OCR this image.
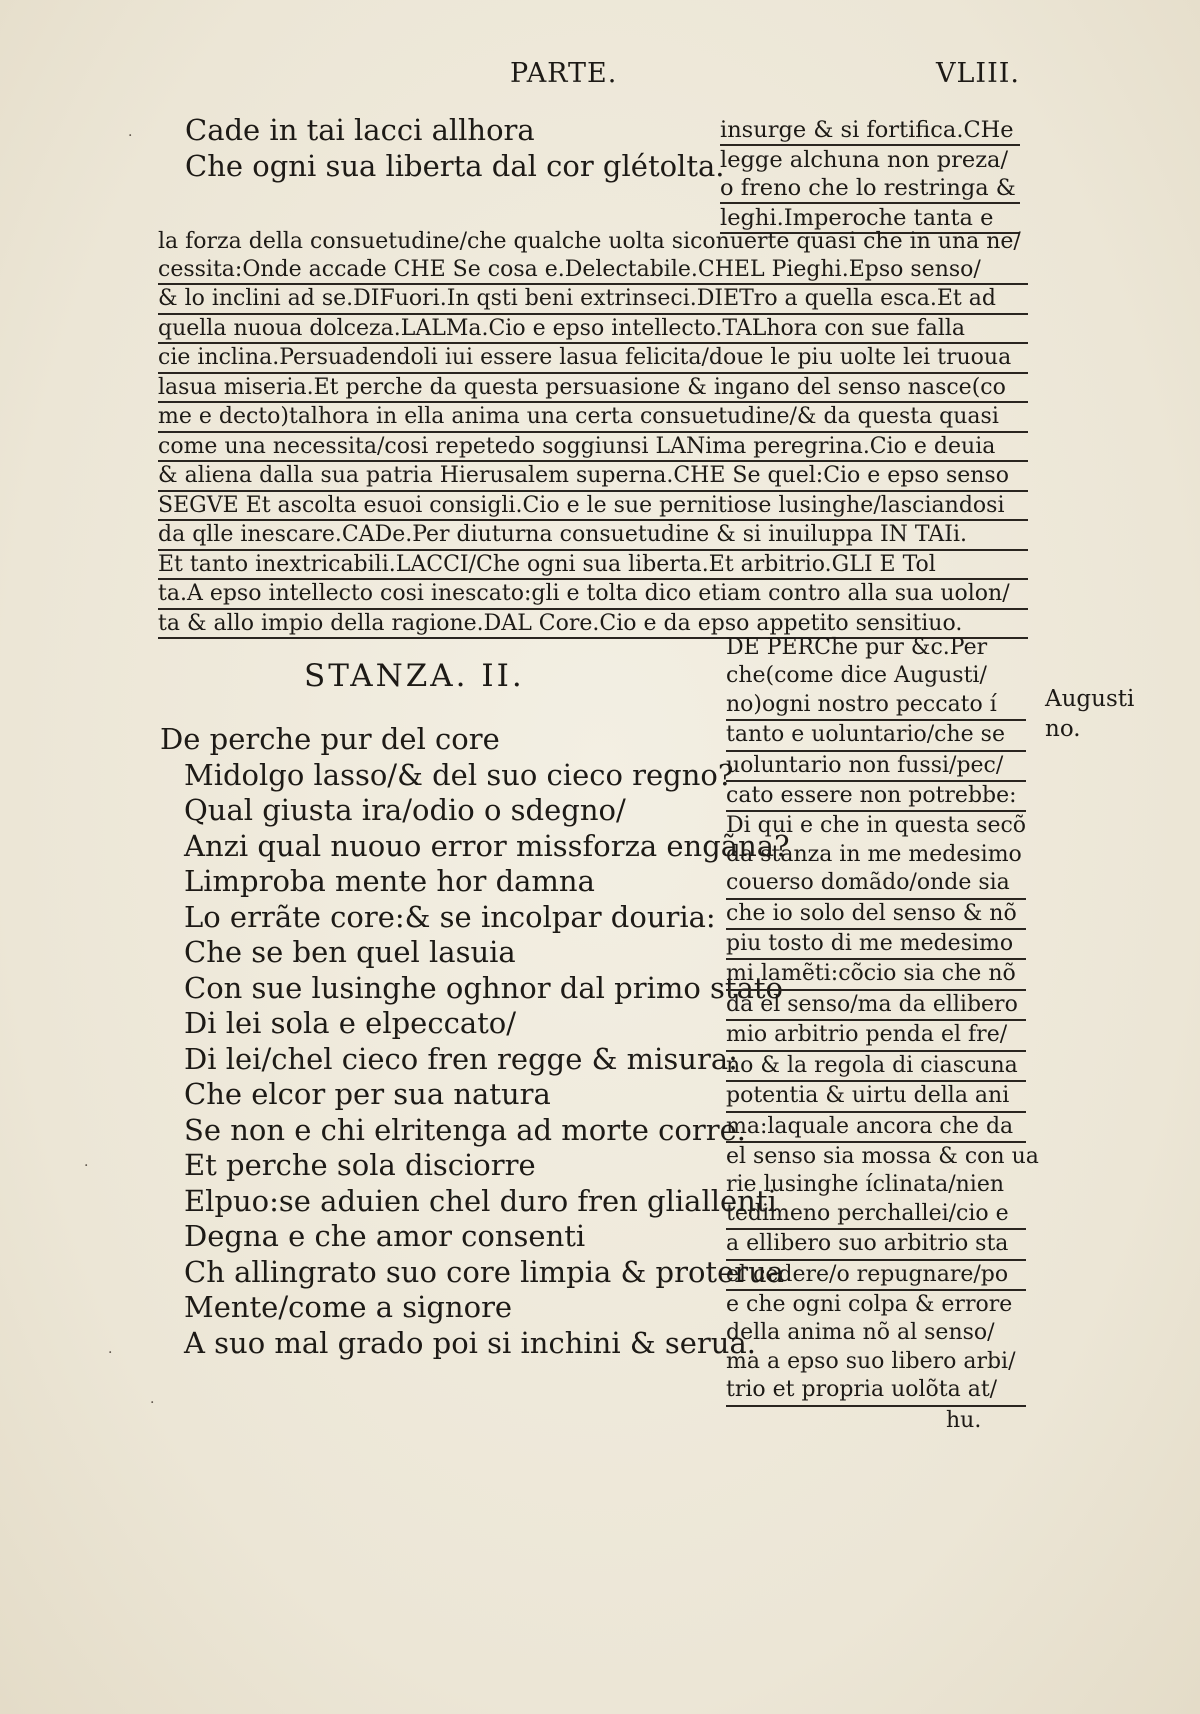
PARTE.	VLIII.
Cade in tai lacci allhora
Che ogni sua liberta dal cor glétolta.
insurge & si fortifica.CHe
legge alchuna non preza/
o freno che lo restringa &
leghi.Imperoche tanta e
la forza della consuetudine/che qualche uolta siconuerte quasi che in una ne/
cessita:Onde accade CHE Se cosa e.Delectabile.CHEL Pieghi.Epso senso/
& lo inclini ad se.DIFuori.In qsti beni extrinseci.DIETro a quella esca.Et ad
quella nuoua dolceza.LALMa.Cio e epso intellecto.TALhora con sue falla
cie inclina.Persuadendoli iui essere lasua felicita/doue le piu uolte lei truoua
lasua miseria.Et perche da questa persuasione & ingano del senso nasce(co
me e decto)talhora in ella anima una certa consuetudine/& da questa quasi
come una necessita/cosi repetedo soggiunsi LANima peregrina.Cio e deuia
& aliena dalla sua patria Hierusalem superna.CHE Se quel:Cio e epso senso
SEGVE Et ascolta esuoi consigli.Cio e le sue pernitiose lusinghe/lasciandosi
da qlle inescare.CADe.Per diuturna consuetudine & si inuiluppa IN TAIi.
Et tanto inextricabili.LACCI/Che ogni sua liberta.Et arbitrio.GLI E Tol
ta.A epso intellecto cosi inescato:gli e tolta dico etiam contro alla sua uolon/
ta & allo impio della ragione.DAL Core.Cio e da epso appetito sensitiuo.
STANZA. II.
De perche pur del core
Midolgo lasso/& del suo cieco regno?
Qual giusta ira/odio o sdegno/
Anzi qual nuouo error missforza engãna?
Limproba mente hor damna
Lo errãte core:& se incolpar douria:
Che se ben quel lasuia
Con sue lusinghe oghnor dal primo stato
Di lei sola e elpeccato/
Di lei/chel cieco fren regge & misura:
Che elcor per sua natura
Se non e chi elritenga ad morte corre.
Et perche sola disciorre
Elpuo:se aduien chel duro fren gliallenti
Degna e che amor consenti
Ch allingrato suo core limpia & proterua
Mente/come a signore
A suo mal grado poi si inchini & serua.
DE PERChe pur &c.Per
che(come dice Augusti/
no)ogni nostro peccato í
tanto e uoluntario/che se
uoluntario non fussi/pec/
cato essere non potrebbe:
Di qui e che in questa secõ
da stanza in me medesimo
couerso domãdo/onde sia
che io solo del senso & nõ
piu tosto di me medesimo
mi lamẽti:cõcio sia che nõ
da el senso/ma da ellibero
mio arbitrio penda el fre/
no & la regola di ciascuna
potentia & uirtu della ani
ma:laquale ancora che da
el senso sia mossa & con ua
rie lusinghe íclinata/nien
tedimeno perchallei/cio e
a ellibero suo arbitrio sta
el cedere/o repugnare/po
e che ogni colpa & errore
della anima nõ al senso/
ma a epso suo libero arbi/
trio et propria uolõta at/
hu.
Augusti
no.
·
·
·
·
